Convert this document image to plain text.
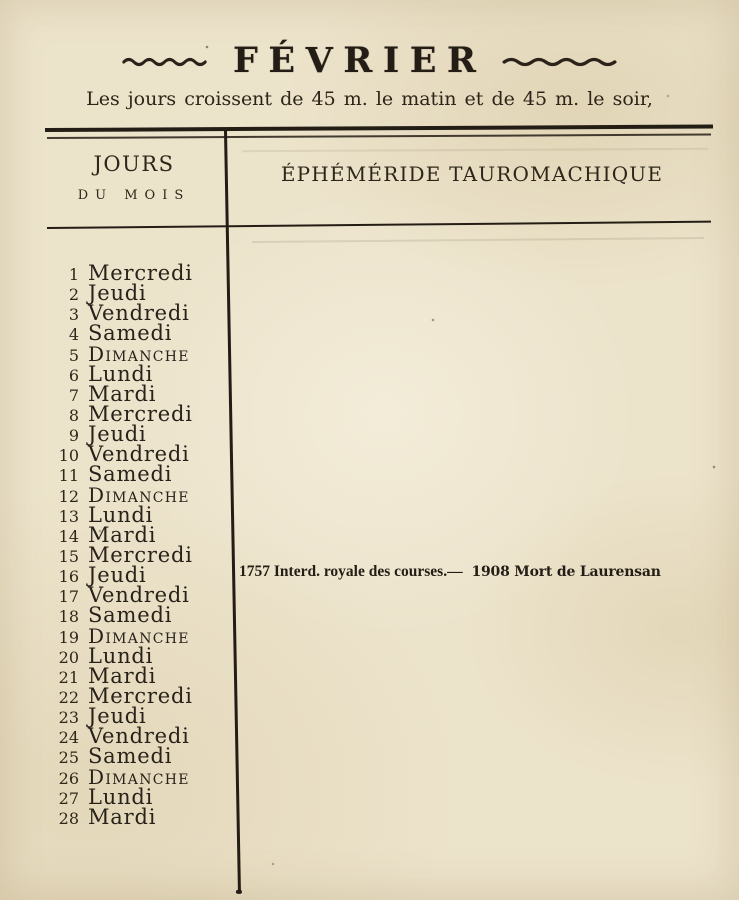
FÉVRIER

Les jours croissent de 45 m. le matin et de 45 m. le soir,

JOURS
DU MOIS
ÉPHÉMÉRIDE TAUROMACHIQUE
1 Mercredi
2 Jeudi
3 Vendredi
4 Samedi
5 Dimanche
6 Lundi
7 Mardi
8 Mercredi
9 Jeudi
10 Vendredi
11 Samedi
12 Dimanche
13 Lundi
14 Mardi
15 Mercredi
16 Jeudi
17 Vendredi
18 Samedi
19 Dimanche
20 Lundi
21 Mardi
22 Mercredi
23 Jeudi
24 Vendredi
25 Samedi
26 Dimanche
27 Lundi
28 Mardi

1757 Interd. royale des courses.— 1908 Mort de Laurensan
